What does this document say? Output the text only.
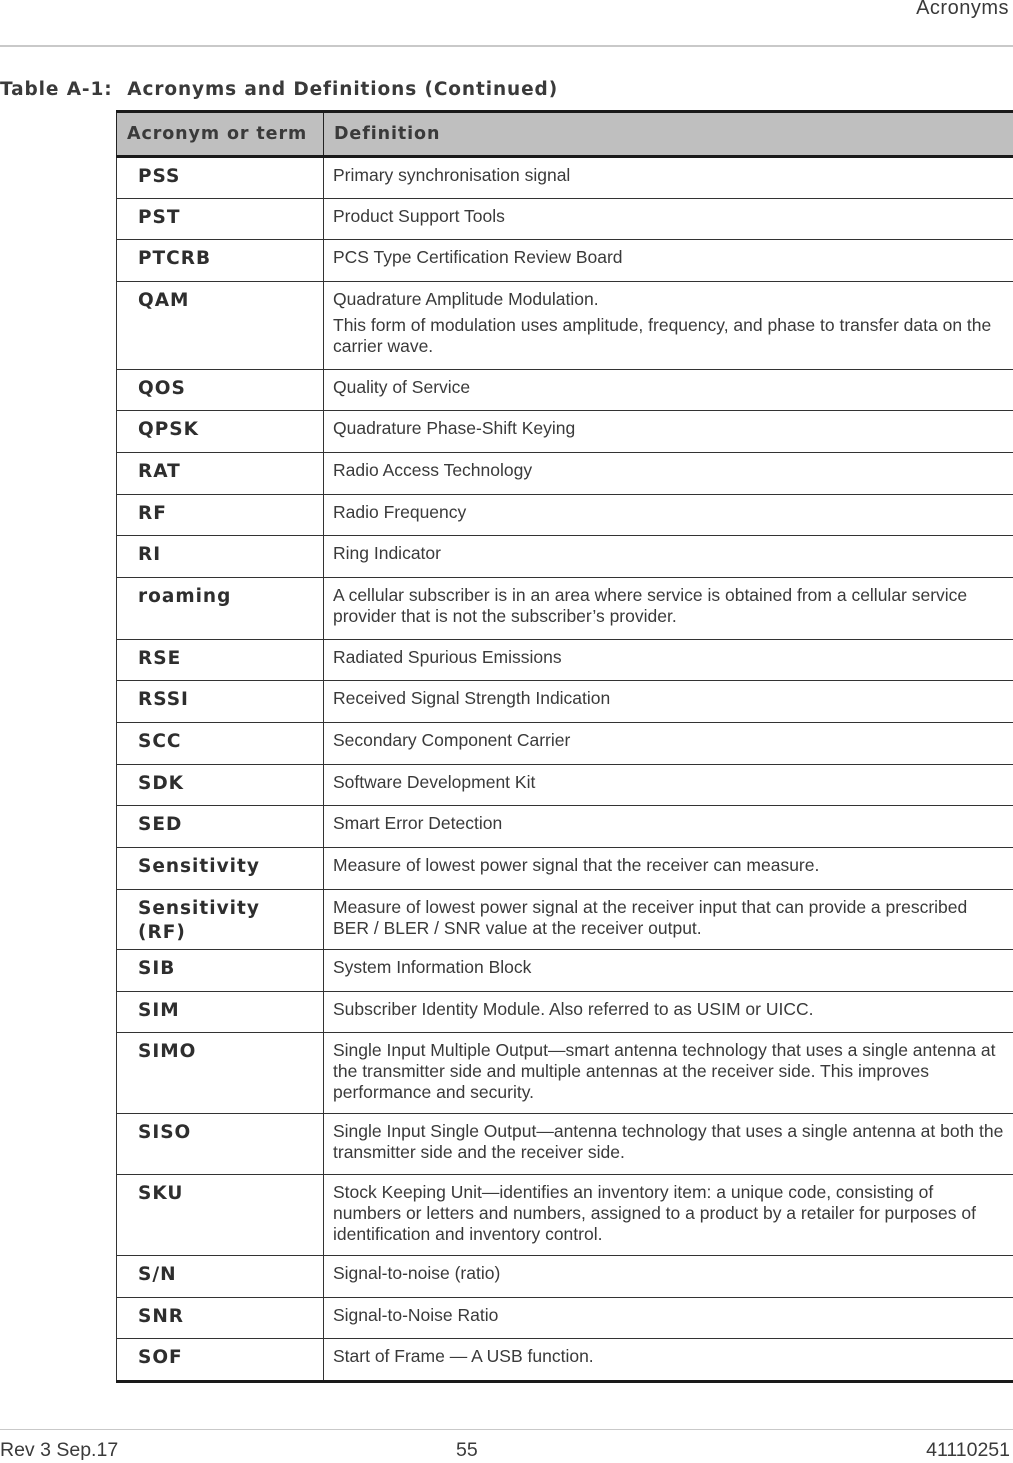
Acronyms
Table A-1:  Acronyms and Definitions (Continued)
Acronym or term	Definition
PSS	Primary synchronisation signal

PST	Product Support Tools

PTCRB	PCS Type Certification Review Board

QAM	Quadrature Amplitude Modulation.

This form of modulation uses amplitude, frequency, and phase to transfer data on the carrier wave.

QOS	Quality of Service

QPSK	Quadrature Phase-Shift Keying

RAT	Radio Access Technology

RF	Radio Frequency

RI	Ring Indicator

roaming	A cellular subscriber is in an area where service is obtained from a cellular service provider that is not the subscriber’s provider.

RSE	Radiated Spurious Emissions

RSSI	Received Signal Strength Indication

SCC	Secondary Component Carrier

SDK	Software Development Kit

SED	Smart Error Detection

Sensitivity	Measure of lowest power signal that the receiver can measure.

Sensitivity (RF)	Measure of lowest power signal at the receiver input that can provide a prescribed BER / BLER / SNR value at the receiver output.

SIB	System Information Block

SIM	Subscriber Identity Module. Also referred to as USIM or UICC.

SIMO	Single Input Multiple Output—smart antenna technology that uses a single antenna at the transmitter side and multiple antennas at the receiver side. This improves performance and security.

SISO	Single Input Single Output—antenna technology that uses a single antenna at both the transmitter side and the receiver side.

SKU	Stock Keeping Unit—identifies an inventory item: a unique code, consisting of numbers or letters and numbers, assigned to a product by a retailer for purposes of identification and inventory control.

S/N	Signal-to-noise (ratio)

SNR	Signal-to-Noise Ratio

SOF	Start of Frame — A USB function.

Rev 3 Sep.17	55	41110251
